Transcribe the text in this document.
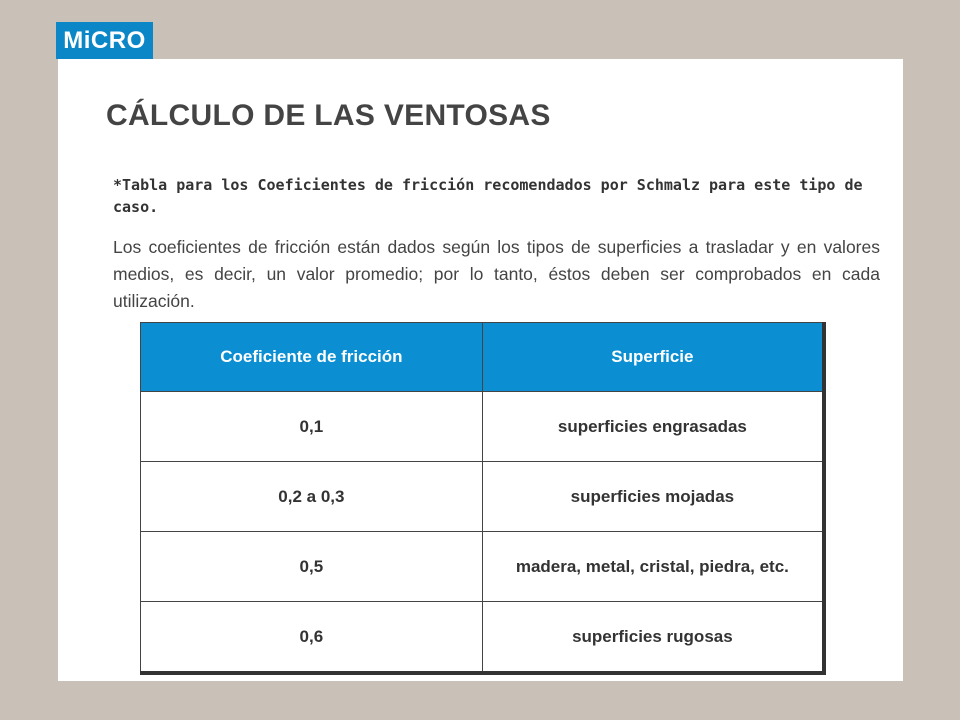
MiCRO
CÁLCULO DE LAS VENTOSAS

*Tabla para los Coeficientes de fricción recomendados por Schmalz para este tipo de caso.

Los coeficientes de fricción están dados según los tipos de superficies a trasladar y en valores medios, es decir, un valor promedio; por lo tanto, éstos deben ser comprobados en cada utilización.

Coeficiente de fricción	Superficie
0,1	superficies engrasadas
0,2 a 0,3	superficies mojadas
0,5	madera, metal, cristal, piedra, etc.
0,6	superficies rugosas
